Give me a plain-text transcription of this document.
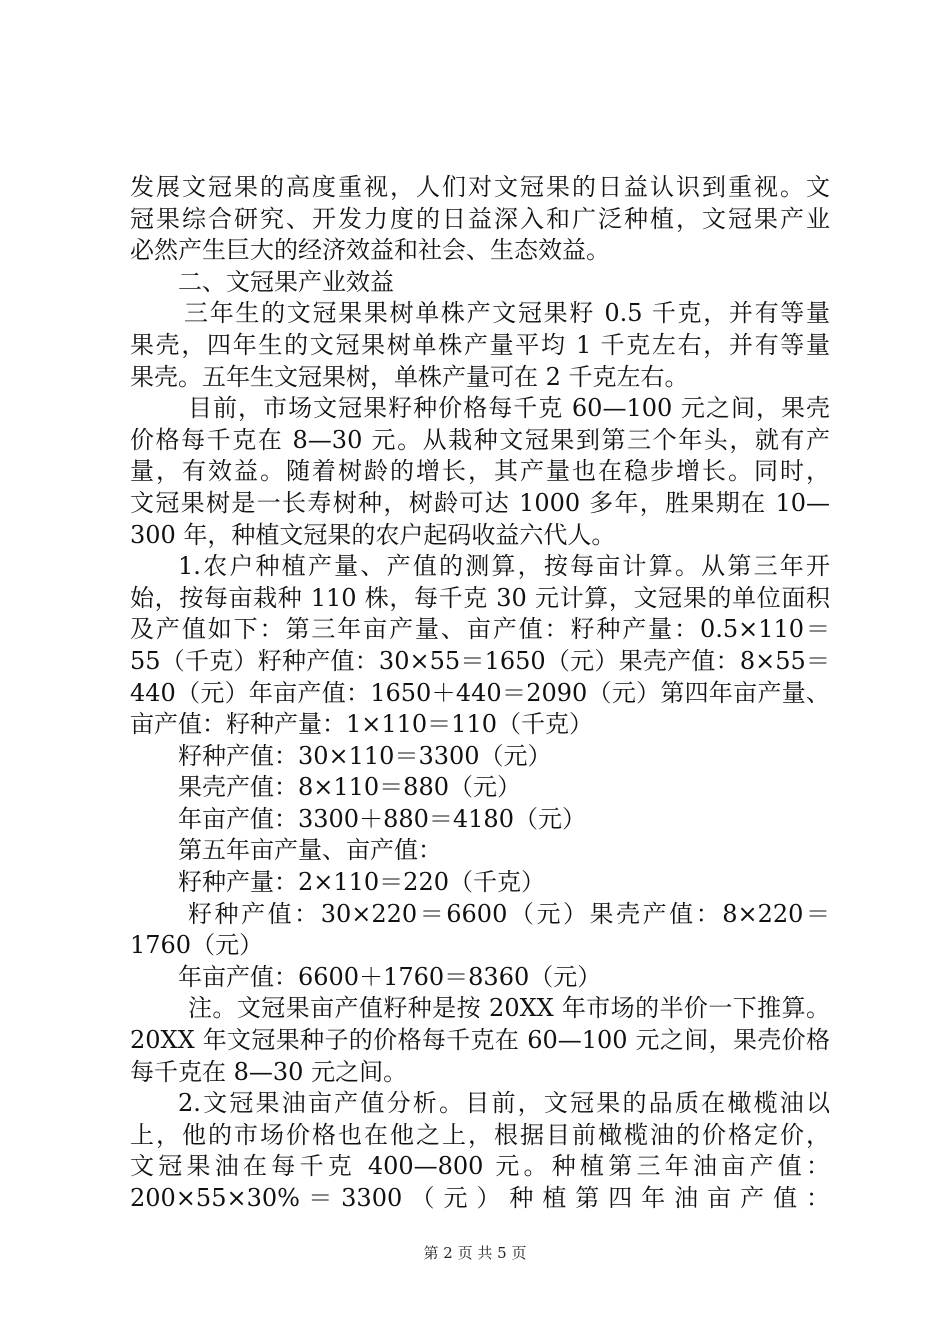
发展文冠果的高度重视，人们对文冠果的日益认识到重视。文
冠果综合研究、开发力度的日益深入和广泛种植，文冠果产业
必然产生巨大的经济效益和社会、生态效益。
二、文冠果产业效益
三年生的文冠果果树单株产文冠果籽 0.5 千克，并有等量
果壳，四年生的文冠果树单株产量平均 1 千克左右，并有等量
果壳。五年生文冠果树，单株产量可在 2 千克左右。
目前，市场文冠果籽种价格每千克 60—100 元之间，果壳
价格每千克在 8—30 元。从栽种文冠果到第三个年头，就有产
量，有效益。随着树龄的增长，其产量也在稳步增长。同时，
文冠果树是一长寿树种，树龄可达 1000 多年，胜果期在 10—
300 年，种植文冠果的农户起码收益六代人。
1.农户种植产量、产值的测算，按每亩计算。从第三年开
始，按每亩栽种 110 株，每千克 30 元计算，文冠果的单位面积
及产值如下：第三年亩产量、亩产值：籽种产量：0.5×110＝
55（千克）籽种产值：30×55＝1650（元）果壳产值：8×55＝
440（元）年亩产值：1650＋440＝2090（元）第四年亩产量、
亩产值：籽种产量：1×110＝110（千克）
籽种产值：30×110＝3300（元）
果壳产值：8×110＝880（元）
年亩产值：3300＋880＝4180（元）
第五年亩产量、亩产值：
籽种产量：2×110＝220（千克）
籽种产值：30×220＝6600（元）果壳产值：8×220＝
1760（元）
年亩产值：6600＋1760＝8360（元）
注。文冠果亩产值籽种是按 20XX 年市场的半价一下推算。
20XX 年文冠果种子的价格每千克在 60—100 元之间，果壳价格
每千克在 8—30 元之间。
2.文冠果油亩产值分析。目前，文冠果的品质在橄榄油以
上，他的市场价格也在他之上，根据目前橄榄油的价格定价，
文冠果油在每千克 400—800 元。种植第三年油亩产值：
200×55×30% ＝ 3300 （ 元 ） 种 植 第 四 年 油 亩 产 值 ：
第 2 页 共 5 页
